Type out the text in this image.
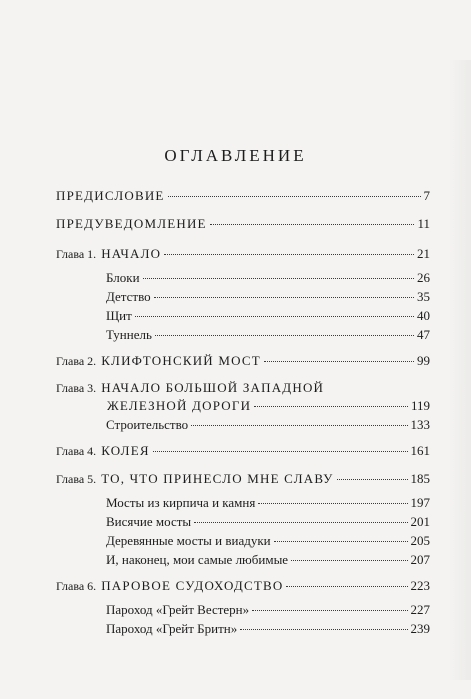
ОГЛАВЛЕНИЕ
ПРЕДИСЛОВИЕ	7
ПРЕДУВЕДОМЛЕНИЕ	11
Глава 1. НАЧАЛО	21
Блоки	26
Детство	35
Щит	40
Туннель	47
Глава 2. КЛИФТОНСКИЙ МОСТ	99
Глава 3. НАЧАЛО БОЛЬШОЙ ЗАПАДНОЙ
ЖЕЛЕЗНОЙ ДОРОГИ	119
Строительство	133
Глава 4. КОЛЕЯ	161
Глава 5. ТО, ЧТО ПРИНЕСЛО МНЕ СЛАВУ	185
Мосты из кирпича и камня	197
Висячие мосты	201
Деревянные мосты и виадуки	205
И, наконец, мои самые любимые	207
Глава 6. ПАРОВОЕ СУДОХОДСТВО	223
Пароход «Грейт Вестерн»	227
Пароход «Грейт Бритн»	239
